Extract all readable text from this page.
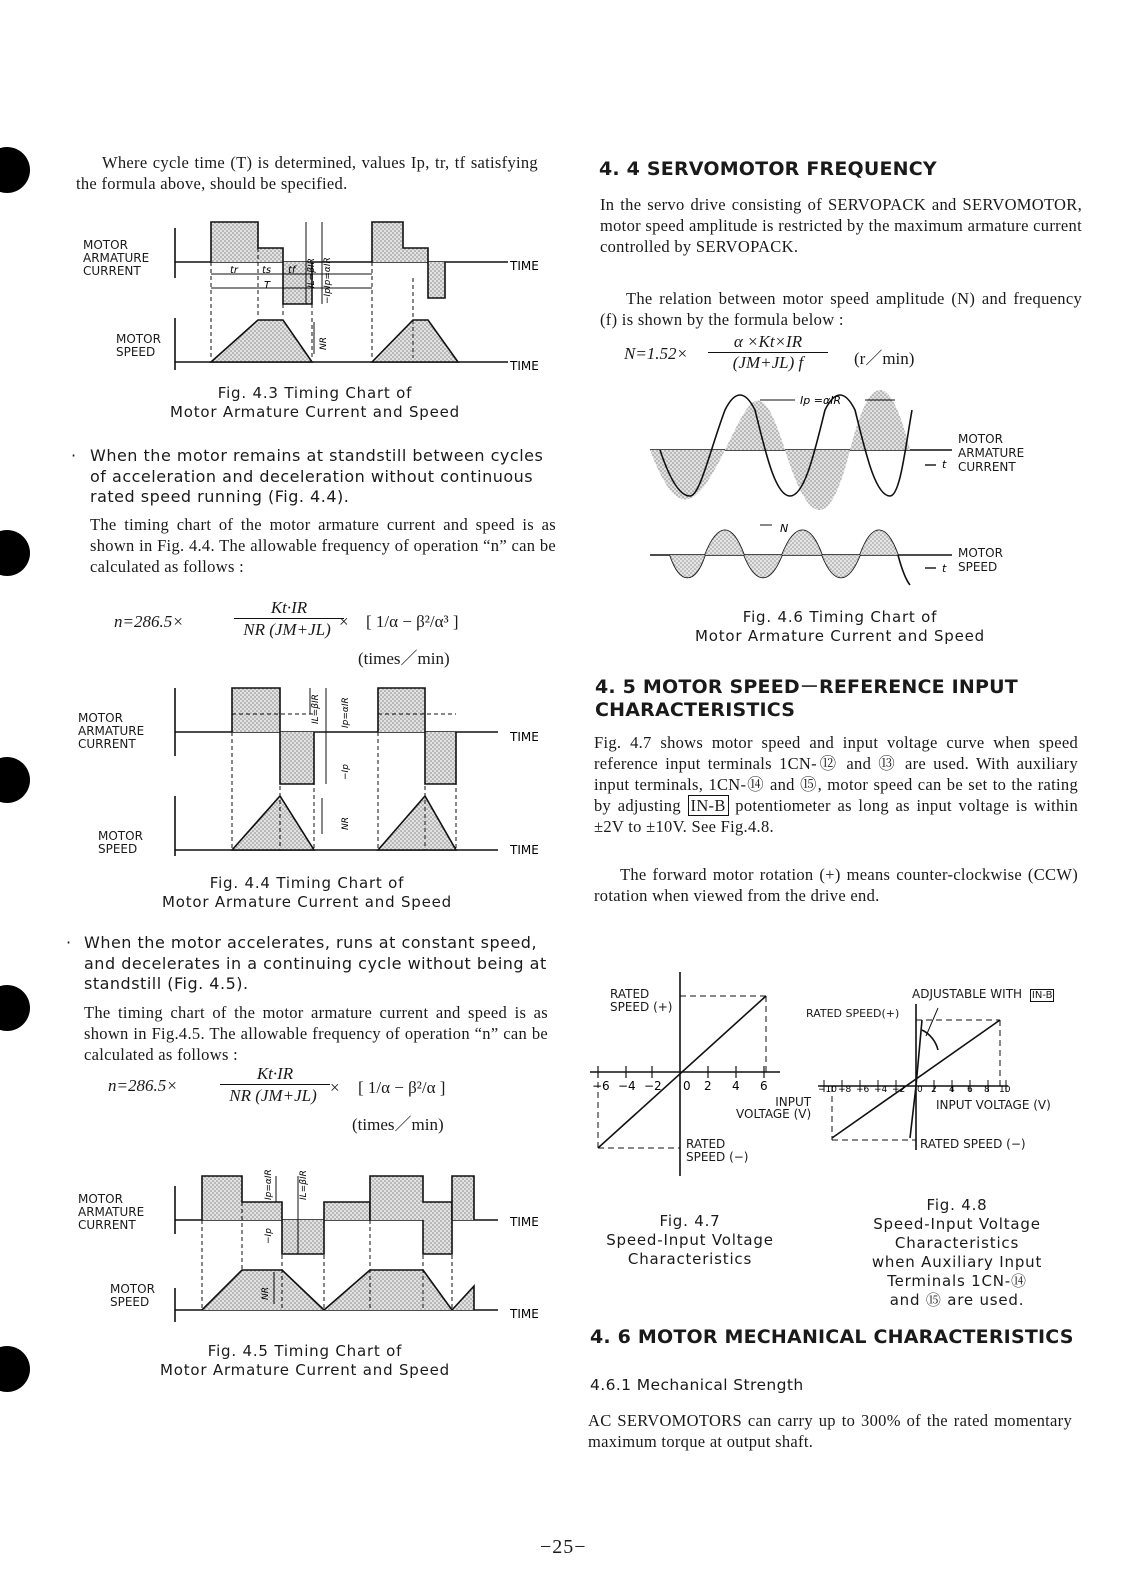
Where cycle time (T) is determined, values Ip, tr, tf satisfying the formula above, should be specified.
tr ts tf
T	IL=βIR Ip=αIR
−Ip
NR
TIME
TIME
MOTOR
ARMATURE
CURRENT
MOTOR
SPEED
Fig. 4.3 Timing Chart of
Motor Armature Current and Speed
· When the motor remains at standstill between cycles of acceleration and deceleration without continuous rated speed running (Fig. 4.4).
The timing chart of the motor armature current and speed is as shown in Fig. 4.4. The allowable frequency of operation “n” can be calculated as follows :
n=286.5×
Kt·IR
NR (JM+JL) × [ 1/α − β²/α³ ]
(times／min)
IL=βIR Ip=αIR
−Ip
NR
TIME
TIME
MOTOR
ARMATURE
CURRENT
MOTOR
SPEED
Fig. 4.4 Timing Chart of
Motor Armature Current and Speed
· When the motor accelerates, runs at constant speed, and decelerates in a continuing cycle without being at standstill (Fig. 4.5).
The timing chart of the motor armature current and speed is as shown in Fig.4.5. The allowable frequency of operation “n” can be calculated as follows :
n=286.5×
Kt·IR
NR (JM+JL) × [ 1/α − β²/α ]
(times／min)
Ip=αIR	IL=βIR
−Ip
NR
TIME
TIME
MOTOR
ARMATURE
CURRENT
MOTOR
SPEED
Fig. 4.5 Timing Chart of
Motor Armature Current and Speed
4. 4 SERVOMOTOR FREQUENCY
In the servo drive consisting of SERVOPACK and SERVOMOTOR, motor speed amplitude is restricted by the maximum armature current controlled by SERVOPACK.
The relation between motor speed amplitude (N) and frequency (f) is shown by the formula below :
N=1.52×
α ×Kt×IR
(JM+JL) f	(r／min)
Ip =αIR
t
N
t
MOTOR
ARMATURE
CURRENT
MOTOR
SPEED
Fig. 4.6 Timing Chart of
Motor Armature Current and Speed
4. 5 MOTOR SPEED－REFERENCE INPUT
CHARACTERISTICS
Fig. 4.7 shows motor speed and input voltage curve when speed reference input terminals 1CN-⑫ and ⑬ are used. With auxiliary input terminals, 1CN-⑭ and ⑮, motor speed can be set to the rating by adjusting IN-B potentiometer as long as input voltage is within ±2V to ±10V. See Fig.4.8.
The forward motor rotation (+) means counter-clockwise (CCW) rotation when viewed from the drive end.
−6 −4 −2 0 2 4 6
RATED
SPEED (+)
RATED
SPEED (−)
INPUT
VOLTAGE (V)
Fig. 4.7
Speed-Input Voltage
Characteristics
−10 −8 −6 −4 −2 0 2 4 6 8 10
ADJUSTABLE WITH IN-B
RATED SPEED(+)
INPUT VOLTAGE (V)
RATED SPEED (−)
Fig. 4.8
Speed-Input Voltage
Characteristics
when Auxiliary Input
Terminals 1CN-⑭
and ⑮ are used.
4. 6 MOTOR MECHANICAL CHARACTERISTICS
4.6.1 Mechanical Strength
AC SERVOMOTORS can carry up to 300% of the rated momentary maximum torque at output shaft.
−25−
